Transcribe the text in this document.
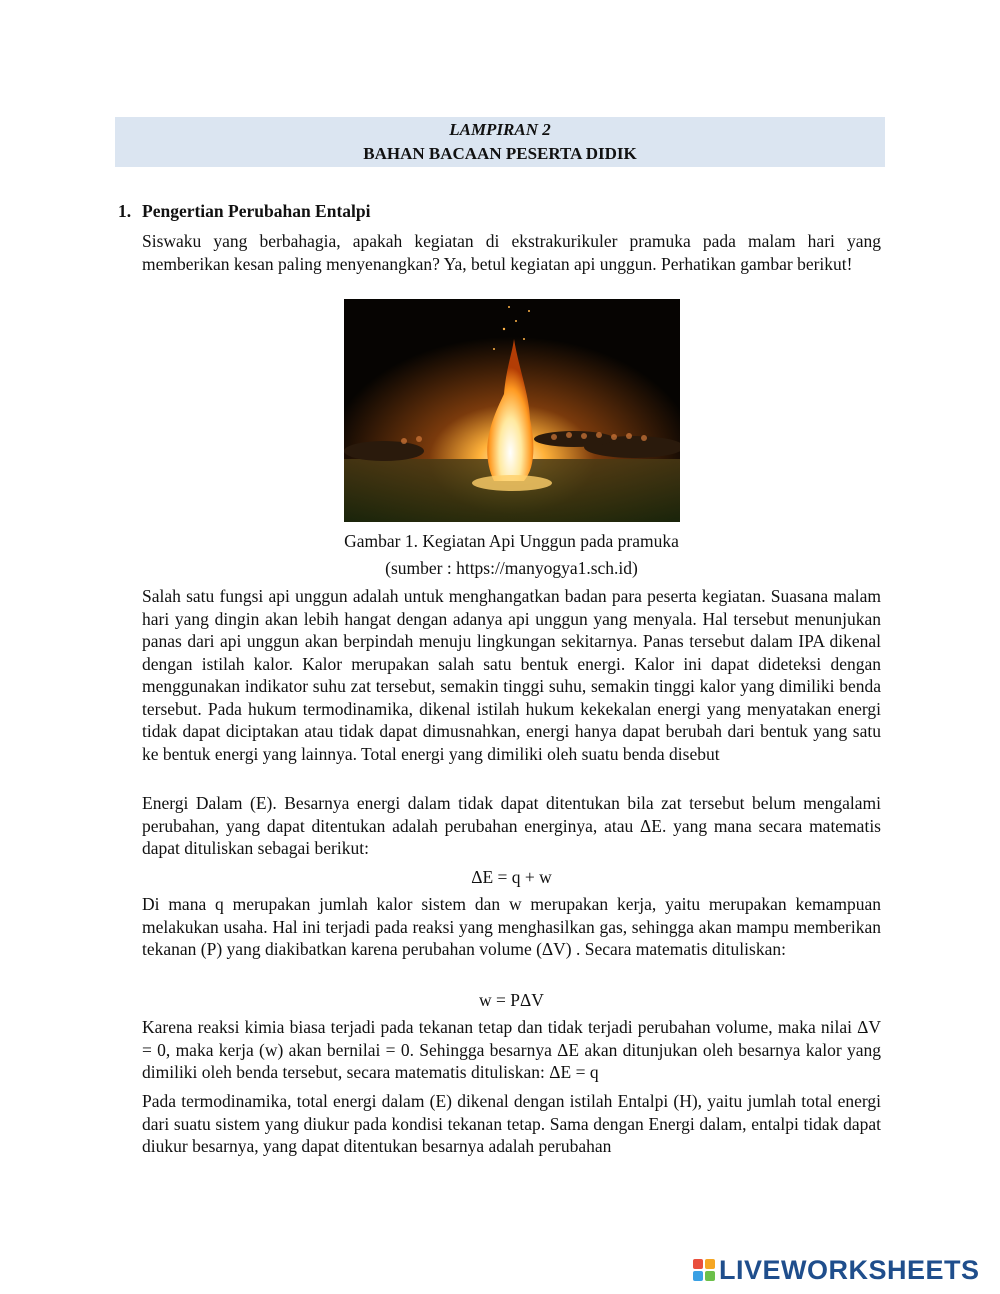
LAMPIRAN 2
BAHAN BACAAN PESERTA DIDIK
1. Pengertian Perubahan Entalpi

Siswaku yang berbahagia, apakah kegiatan di ekstrakurikuler pramuka pada malam hari yang memberikan kesan paling menyenangkan? Ya, betul kegiatan api unggun. Perhatikan gambar berikut!

Gambar 1. Kegiatan Api Unggun pada pramuka
(sumber : https://manyogya1.sch.id)

Salah satu fungsi api unggun adalah untuk menghangatkan badan para peserta kegiatan. Suasana malam hari yang dingin akan lebih hangat dengan adanya api unggun yang menyala. Hal tersebut menunjukan panas dari api unggun akan berpindah menuju lingkungan sekitarnya. Panas tersebut dalam IPA dikenal dengan istilah kalor. Kalor merupakan salah satu bentuk energi. Kalor ini dapat dideteksi dengan menggunakan indikator suhu zat tersebut, semakin tinggi suhu, semakin tinggi kalor yang dimiliki benda tersebut. Pada hukum termodinamika, dikenal istilah hukum kekekalan energi yang menyatakan energi tidak dapat diciptakan atau tidak dapat dimusnahkan, energi hanya dapat berubah dari bentuk yang satu ke bentuk energi yang lainnya. Total energi yang dimiliki oleh suatu benda disebut

Energi Dalam (E). Besarnya energi dalam tidak dapat ditentukan bila zat tersebut belum mengalami perubahan, yang dapat ditentukan adalah perubahan energinya, atau ΔE. yang mana secara matematis dapat dituliskan sebagai berikut:

ΔE = q + w

Di mana q merupakan jumlah kalor sistem dan w merupakan kerja, yaitu merupakan kemampuan melakukan usaha. Hal ini terjadi pada reaksi yang menghasilkan gas, sehingga akan mampu memberikan tekanan (P) yang diakibatkan karena perubahan volume (ΔV) . Secara matematis dituliskan:

w = PΔV

Karena reaksi kimia biasa terjadi pada tekanan tetap dan tidak terjadi perubahan volume, maka nilai ΔV = 0, maka kerja (w) akan bernilai = 0. Sehingga besarnya ΔE akan ditunjukan oleh besarnya kalor yang dimiliki oleh benda tersebut, secara matematis dituliskan: ΔE = q

Pada termodinamika, total energi dalam (E) dikenal dengan istilah Entalpi (H), yaitu jumlah total energi dari suatu sistem yang diukur pada kondisi tekanan tetap. Sama dengan Energi dalam, entalpi tidak dapat diukur besarnya, yang dapat ditentukan besarnya adalah perubahan

LIVEWORKSHEETS
